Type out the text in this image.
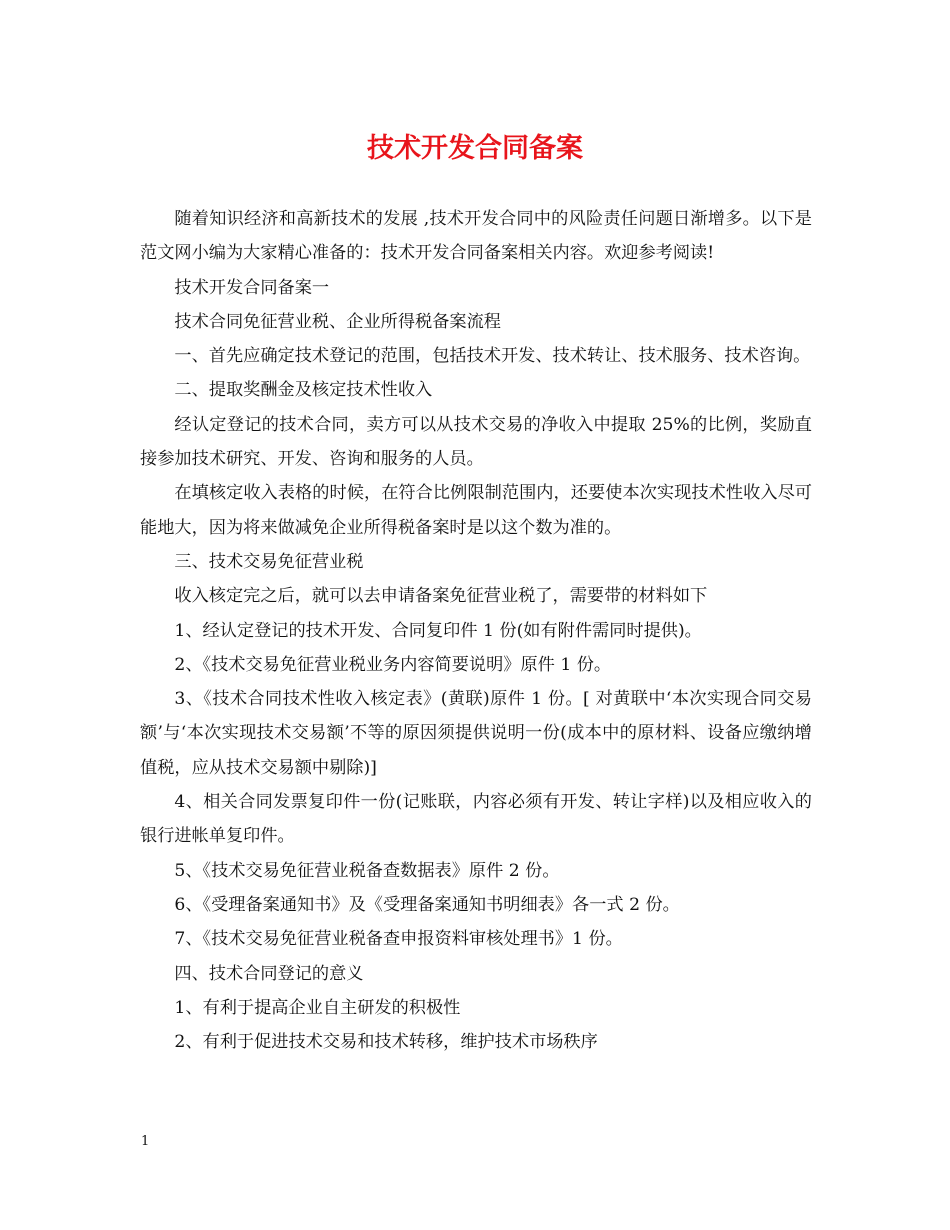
技术开发合同备案

随着知识经济和高新技术的发展 ,技术开发合同中的风险责任问题日渐增多。以下是范文网小编为大家精心准备的：技术开发合同备案相关内容。欢迎参考阅读!

技术开发合同备案一

技术合同免征营业税、企业所得税备案流程

一、首先应确定技术登记的范围，包括技术开发、技术转让、技术服务、技术咨询。

二、提取奖酬金及核定技术性收入

经认定登记的技术合同，卖方可以从技术交易的净收入中提取 25%的比例，奖励直接参加技术研究、开发、咨询和服务的人员。

在填核定收入表格的时候，在符合比例限制范围内，还要使本次实现技术性收入尽可能地大，因为将来做减免企业所得税备案时是以这个数为准的。

三、技术交易免征营业税

收入核定完之后，就可以去申请备案免征营业税了，需要带的材料如下

1、经认定登记的技术开发、合同复印件 1 份(如有附件需同时提供)。

2、《技术交易免征营业税业务内容简要说明》原件 1 份。

3、《技术合同技术性收入核定表》(黄联)原件 1 份。[ 对黄联中‘本次实现合同交易额’与‘本次实现技术交易额’不等的原因须提供说明一份(成本中的原材料、设备应缴纳增值税，应从技术交易额中剔除)]

4、相关合同发票复印件一份(记账联，内容必须有开发、转让字样)以及相应收入的银行进帐单复印件。

5、《技术交易免征营业税备查数据表》原件 2 份。

6、《受理备案通知书》及《受理备案通知书明细表》各一式 2 份。

7、《技术交易免征营业税备查申报资料审核处理书》1 份。

四、技术合同登记的意义

1、有利于提高企业自主研发的积极性

2、有利于促进技术交易和技术转移，维护技术市场秩序

1
